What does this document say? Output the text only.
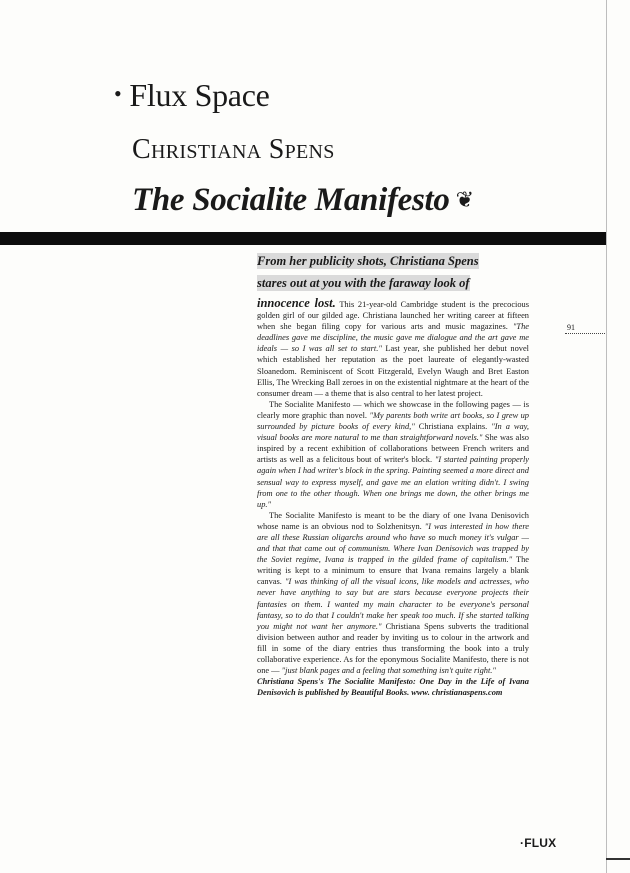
• Flux Space
Christiana Spens
The Socialite Manifesto ❦
From her publicity shots, Christiana Spens
stares out at you with the faraway look of
91

innocence lost. This 21-year-old Cambridge student is the precocious golden girl of our gilded age. Christiana launched her writing career at fifteen when she began filing copy for various arts and music magazines. "The deadlines gave me discipline, the music gave me dialogue and the art gave me ideals — so I was all set to start." Last year, she published her debut novel which established her reputation as the poet laureate of elegantly-wasted Sloanedom. Reminiscent of Scott Fitzgerald, Evelyn Waugh and Bret Easton Ellis, The Wrecking Ball zeroes in on the existential nightmare at the heart of the consumer dream — a theme that is also central to her latest project.

The Socialite Manifesto — which we showcase in the following pages — is clearly more graphic than novel. "My parents both write art books, so I grew up surrounded by picture books of every kind," Christiana explains. "In a way, visual books are more natural to me than straightforward novels." She was also inspired by a recent exhibition of collaborations between French writers and artists as well as a felicitous bout of writer's block. "I started painting properly again when I had writer's block in the spring. Painting seemed a more direct and sensual way to express myself, and gave me an elation writing didn't. I swing from one to the other though. When one brings me down, the other brings me up."

The Socialite Manifesto is meant to be the diary of one Ivana Denisovich whose name is an obvious nod to Solzhenitsyn. "I was interested in how there are all these Russian oligarchs around who have so much money it's vulgar — and that that came out of communism. Where Ivan Denisovich was trapped by the Soviet regime, Ivana is trapped in the gilded frame of capitalism." The writing is kept to a minimum to ensure that Ivana remains largely a blank canvas. "I was thinking of all the visual icons, like models and actresses, who never have anything to say but are stars because everyone projects their fantasies on them. I wanted my main character to be everyone's personal fantasy, so to do that I couldn't make her speak too much. If she started talking you might not want her anymore." Christiana Spens subverts the traditional division between author and reader by inviting us to colour in the artwork and fill in some of the diary entries thus transforming the book into a truly collaborative experience. As for the eponymous Socialite Manifesto, there is not one — "just blank pages and a feeling that something isn't quite right."

Christiana Spens's The Socialite Manifesto: One Day in the Life of Ivana Denisovich is published by Beautiful Books. www. christianaspens.com

·FLUX
